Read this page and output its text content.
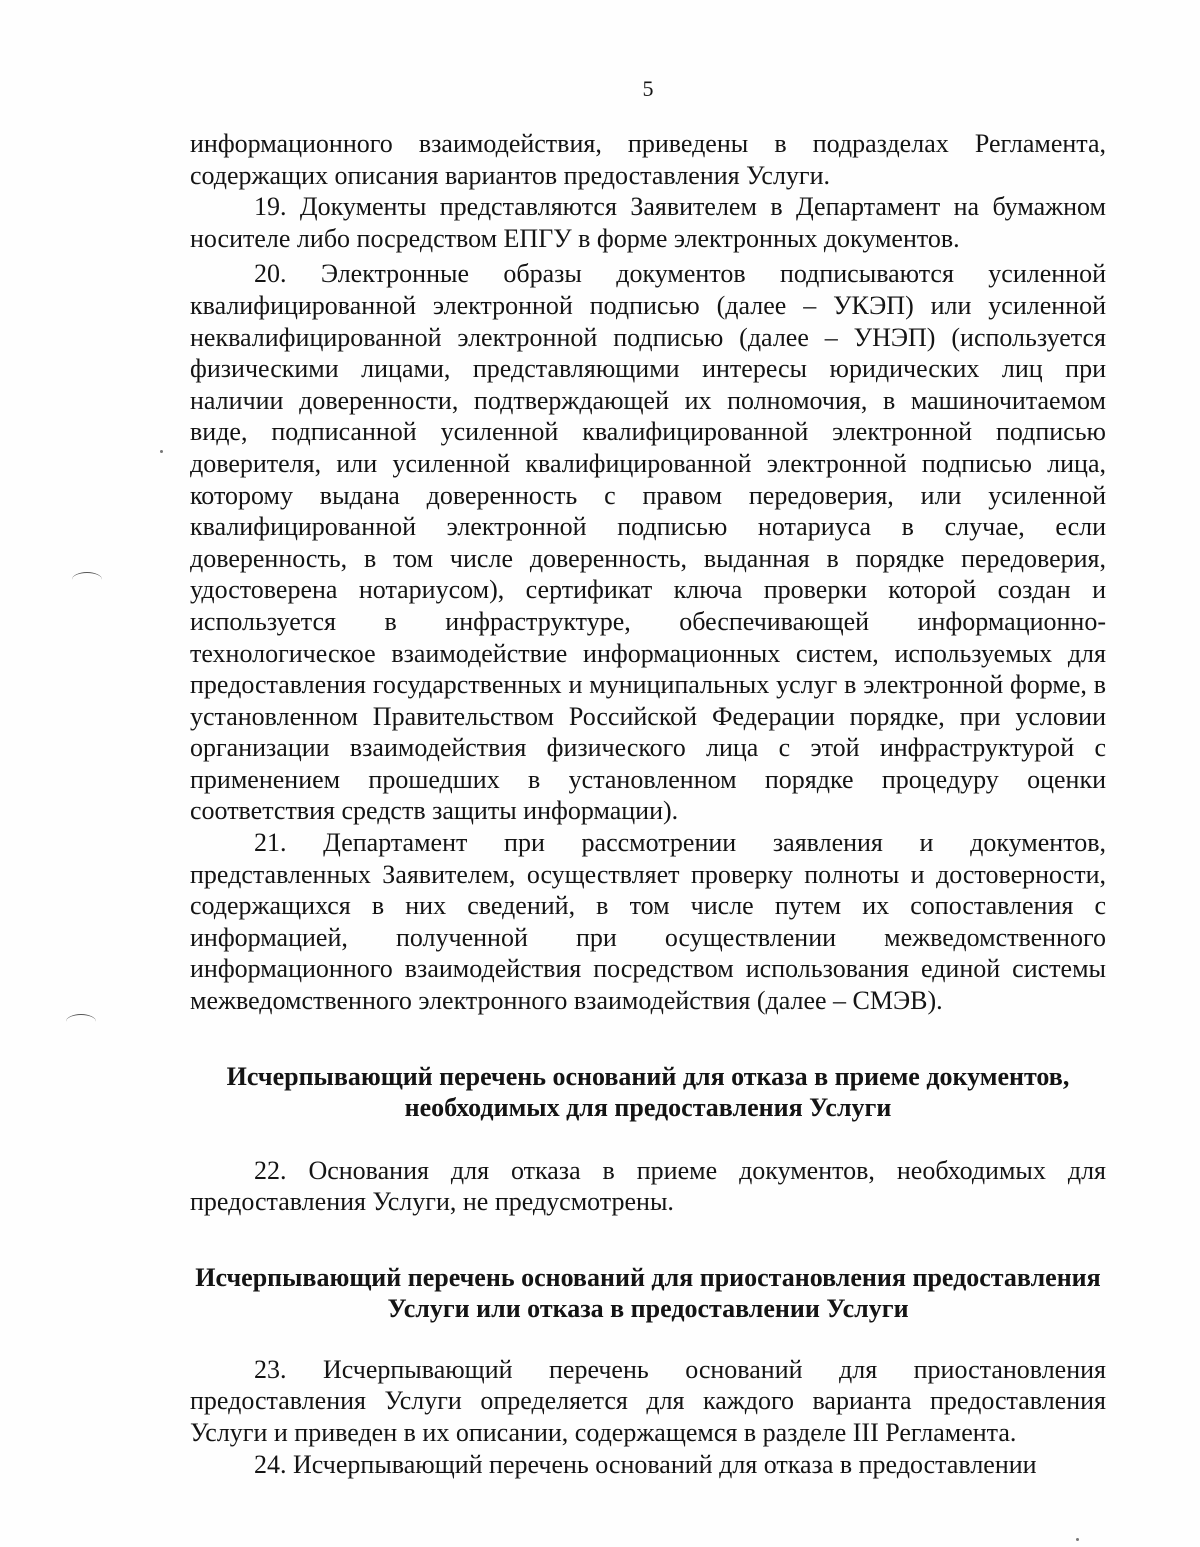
5

информационного взаимодействия, приведены в подразделах Регламента, содержащих описания вариантов предоставления Услуги.

19. Документы представляются Заявителем в Департамент на бумажном носителе либо посредством ЕПГУ в форме электронных документов.

20. Электронные образы документов подписываются усиленной квалифицированной электронной подписью (далее – УКЭП) или усиленной неквалифицированной электронной подписью (далее – УНЭП) (используется физическими лицами, представляющими интересы юридических лиц при наличии доверенности, подтверждающей их полномочия, в машиночитаемом виде, подписанной усиленной квалифицированной электронной подписью доверителя, или усиленной квалифицированной электронной подписью лица, которому выдана доверенность с правом передоверия, или усиленной квалифицированной электронной подписью нотариуса в случае, если доверенность, в том числе доверенность, выданная в порядке передоверия, удостоверена нотариусом), сертификат ключа проверки которой создан и используется в инфраструктуре, обеспечивающей информационно-технологическое взаимодействие информационных систем, используемых для предоставления государственных и муниципальных услуг в электронной форме, в установленном Правительством Российской Федерации порядке, при условии организации взаимодействия физического лица с этой инфраструктурой с применением прошедших в установленном порядке процедуру оценки соответствия средств защиты информации).

21. Департамент при рассмотрении заявления и документов, представленных Заявителем, осуществляет проверку полноты и достоверности, содержащихся в них сведений, в том числе путем их сопоставления с информацией, полученной при осуществлении межведомственного информационного взаимодействия посредством использования единой системы межведомственного электронного взаимодействия (далее – СМЭВ).

Исчерпывающий перечень оснований для отказа в приеме документов, необходимых для предоставления Услуги

22. Основания для отказа в приеме документов, необходимых для предоставления Услуги, не предусмотрены.

Исчерпывающий перечень оснований для приостановления предоставления Услуги или отказа в предоставлении Услуги

23. Исчерпывающий перечень оснований для приостановления предоставления Услуги определяется для каждого варианта предоставления Услуги и приведен в их описании, содержащемся в разделе III Регламента.

24. Исчерпывающий перечень оснований для отказа в предоставлении
